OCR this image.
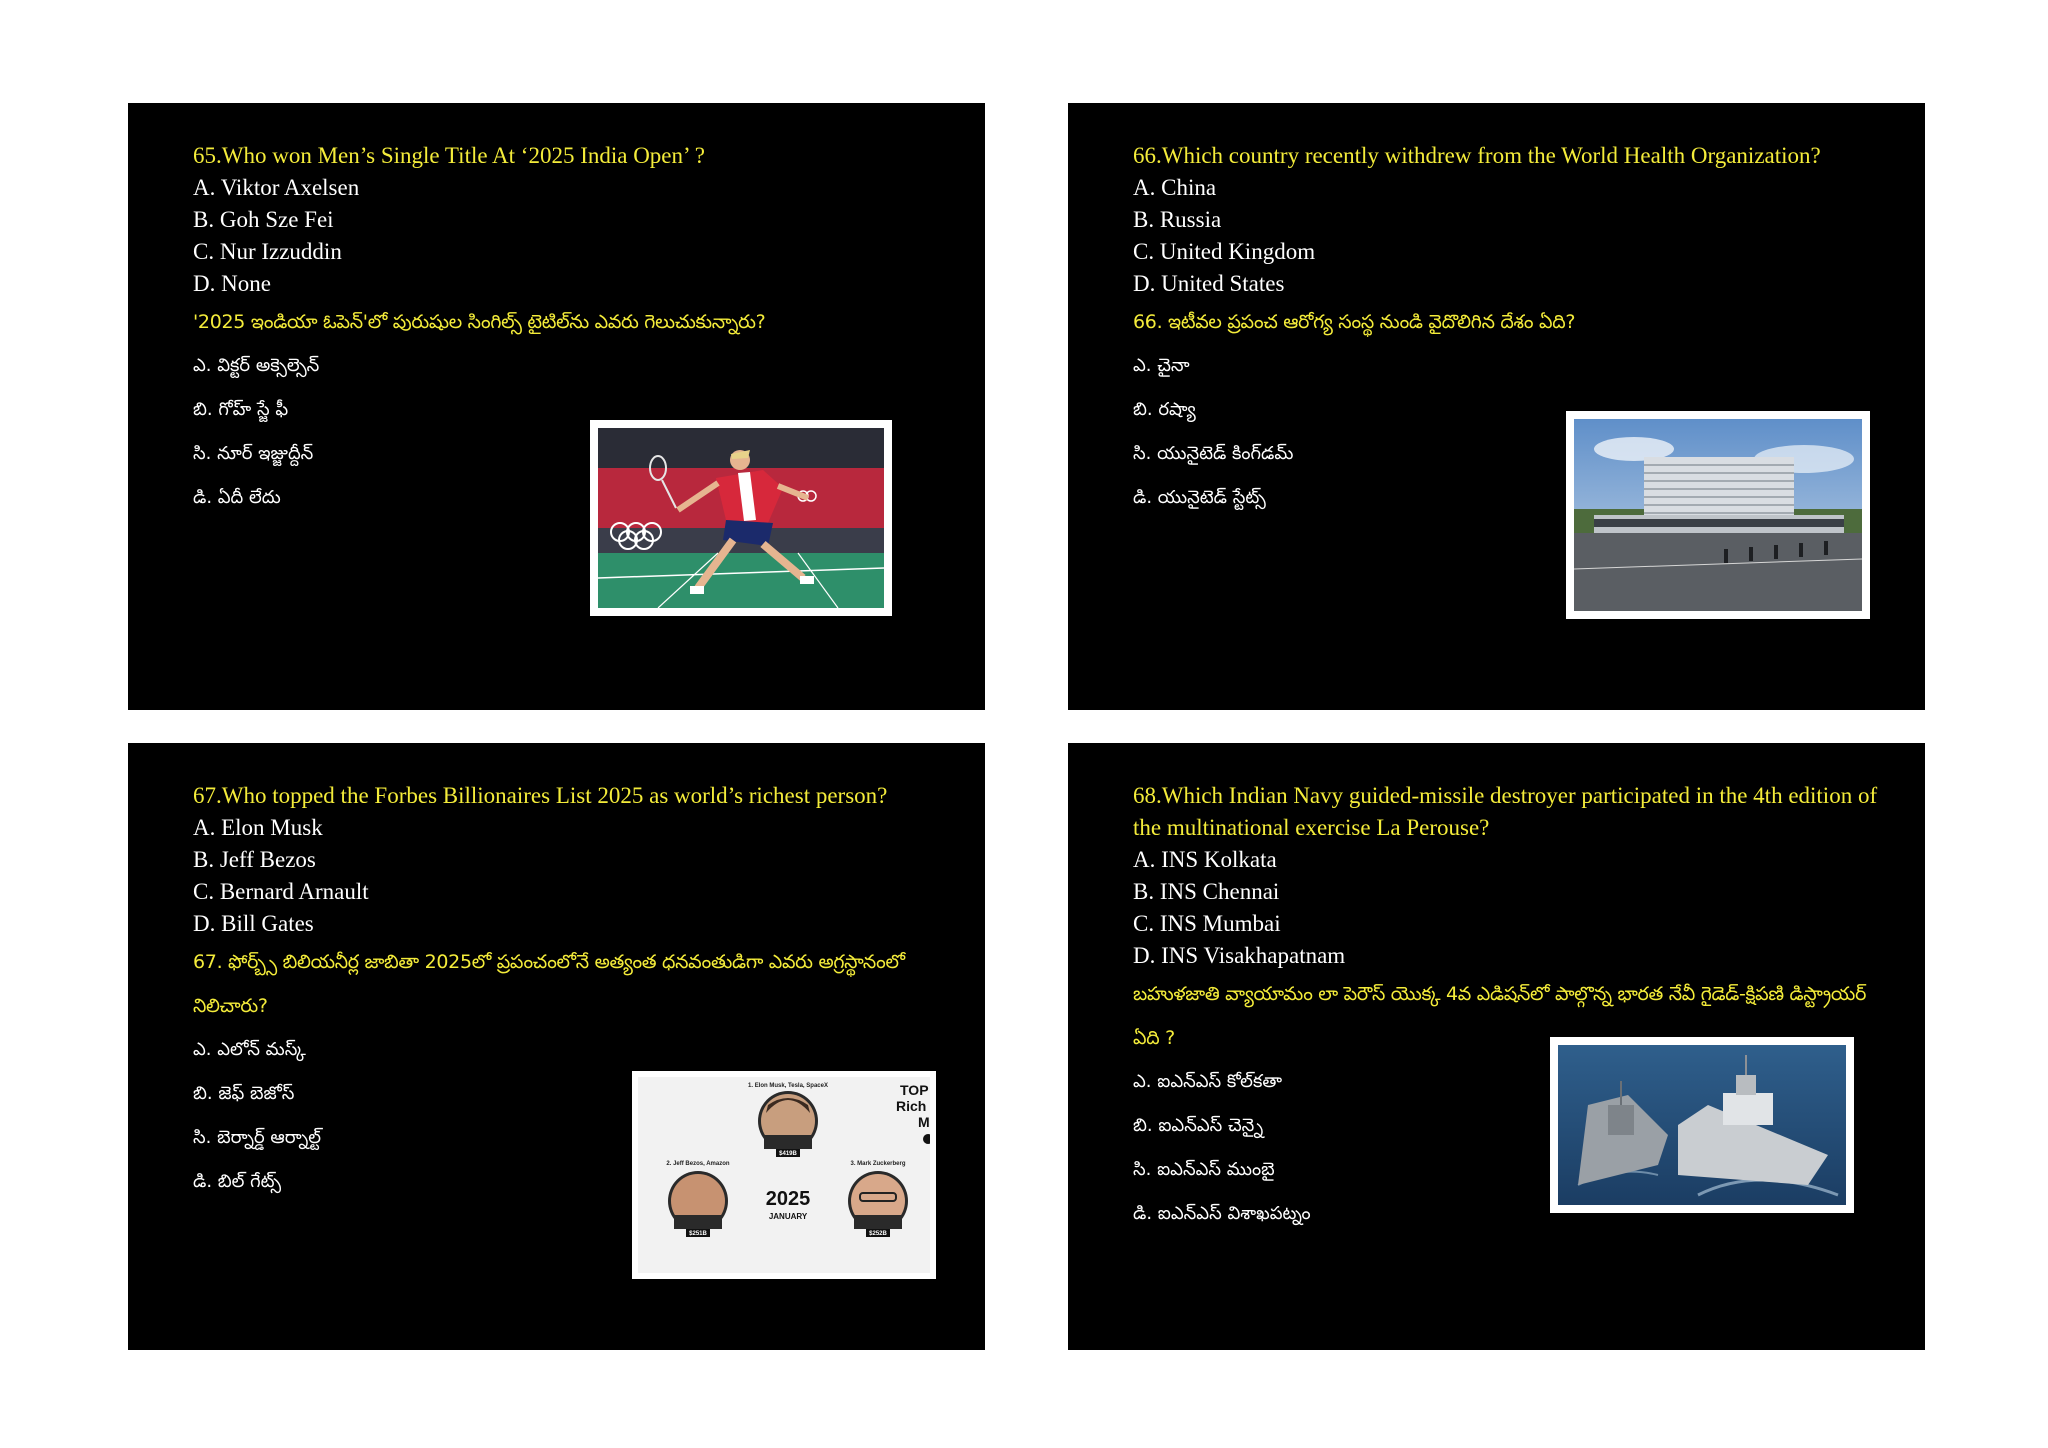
65.Who won Men’s Single Title At ‘2025 India Open’ ?

A. Viktor Axelsen

B. Goh Sze Fei

C. Nur Izzuddin

D. None

'2025 ఇండియా ఓపెన్'లో పురుషుల సింగిల్స్ టైటిల్‌ను ఎవరు గెలుచుకున్నారు?

ఎ. విక్టర్ అక్సెల్సెన్

బి. గోహ్ స్జే ఫీ

సి. నూర్ ఇజ్జుద్దీన్

డి. ఏదీ లేదు

66.Which country recently withdrew from the World Health Organization?

A. China

B. Russia

C. United Kingdom

D. United States

66. ఇటీవల ప్రపంచ ఆరోగ్య సంస్థ నుండి వైదొలిగిన దేశం ఏది?

ఎ. చైనా

బి. రష్యా

సి. యునైటెడ్ కింగ్‌డమ్

డి. యునైటెడ్ స్టేట్స్

67.Who topped the Forbes Billionaires List 2025 as world’s richest person?

A. Elon Musk

B. Jeff Bezos

C. Bernard Arnault

D. Bill Gates

67. ఫోర్బ్స్ బిలియనీర్ల జాబితా 2025లో ప్రపంచంలోనే అత్యంత ధనవంతుడిగా ఎవరు అగ్రస్థానంలో నిలిచారు?

ఎ. ఎలోన్ మస్క్

బి. జెఫ్ బెజోస్

సి. బెర్నార్డ్ ఆర్నాల్ట్

డి. బిల్ గేట్స్

1. Elon Musk, Tesla, SpaceX
$419B
2. Jeff Bezos, Amazon
$251B
3. Mark Zuckerberg
$252B
2025
JANUARY
TOP
Rich
M

68.Which Indian Navy guided-missile destroyer participated in the 4th edition of the multinational exercise La Perouse?

A. INS Kolkata

B. INS Chennai

C. INS Mumbai

D. INS Visakhapatnam

బహుళజాతి వ్యాయామం లా పెరౌస్ యొక్క 4వ ఎడిషన్‌లో పాల్గొన్న భారత నేవీ గైడెడ్-క్షిపణి డిస్ట్రాయర్ ఏది ?

ఎ. ఐఎన్ఎస్ కోల్‌కతా

బి. ఐఎన్ఎస్ చెన్నై

సి. ఐఎన్ఎస్ ముంబై

డి. ఐఎన్ఎస్ విశాఖపట్నం
